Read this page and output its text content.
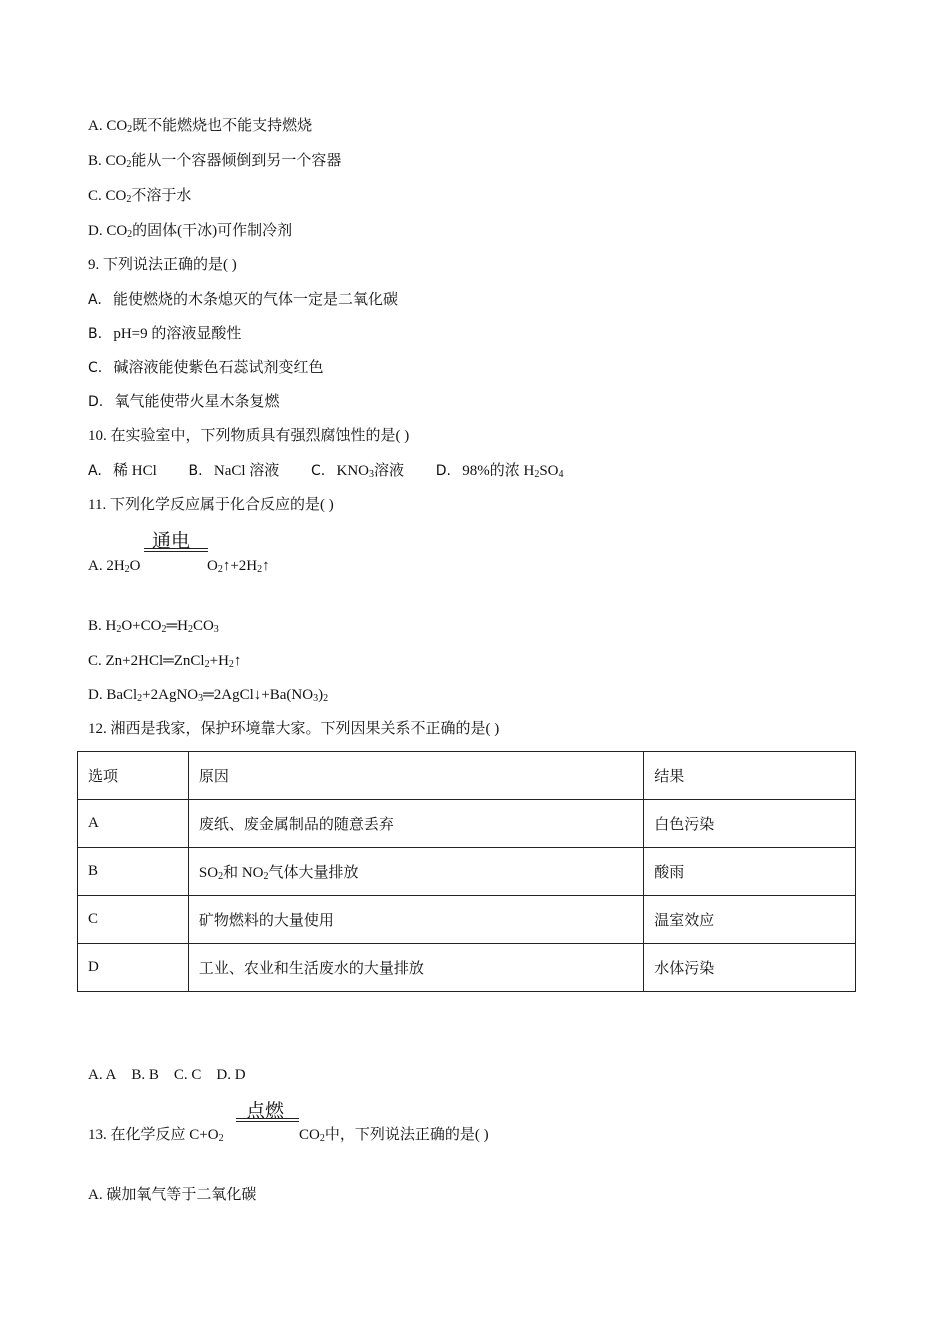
A. $CO_2$既不能燃烧也不能支持燃烧
B. $CO_2$能从一个容器倾倒到另一个容器
C. $CO_2$不溶于水
D. $CO_2$的固体(干冰)可作制冷剂
9. 下列说法正确的是( )
A. 能使燃烧的木条熄灭的气体一定是二氧化碳
B. pH=9 的溶液显酸性
C. 碱溶液能使紫色石蕊试剂变红色
D. 氧气能使带火星木条复燃
10. 在实验室中，下列物质具有强烈腐蚀性的是( )
A. 稀 HCl B. NaCl 溶液 C. $KNO_3$溶液 D. 98%的浓 $H_2SO_4$
11. 下列化学反应属于化合反应的是( )
通电
A. $2H_2O$	$O_2↑+2H_2↑$
B. $H_2O+CO_2═H_2CO_3$
C. $Zn+2HCl═ZnCl_2+H_2↑$
D. $BaCl_2+2AgNO_3═2AgCl↓+Ba(NO_3)_2$
12. 湘西是我家，保护环境靠大家。下列因果关系不正确的是( )
选项	原因	结果
A	废纸、废金属制品的随意丢弃	白色污染
B	$SO_2$和 $NO_2$气体大量排放	酸雨
C	矿物燃料的大量使用	温室效应
D	工业、农业和生活废水的大量排放	水体污染
A. A B. B C. C D. D
点燃
13. 在化学反应 $C+O_2$	$CO_2$中，下列说法正确的是( )
A. 碳加氧气等于二氧化碳
